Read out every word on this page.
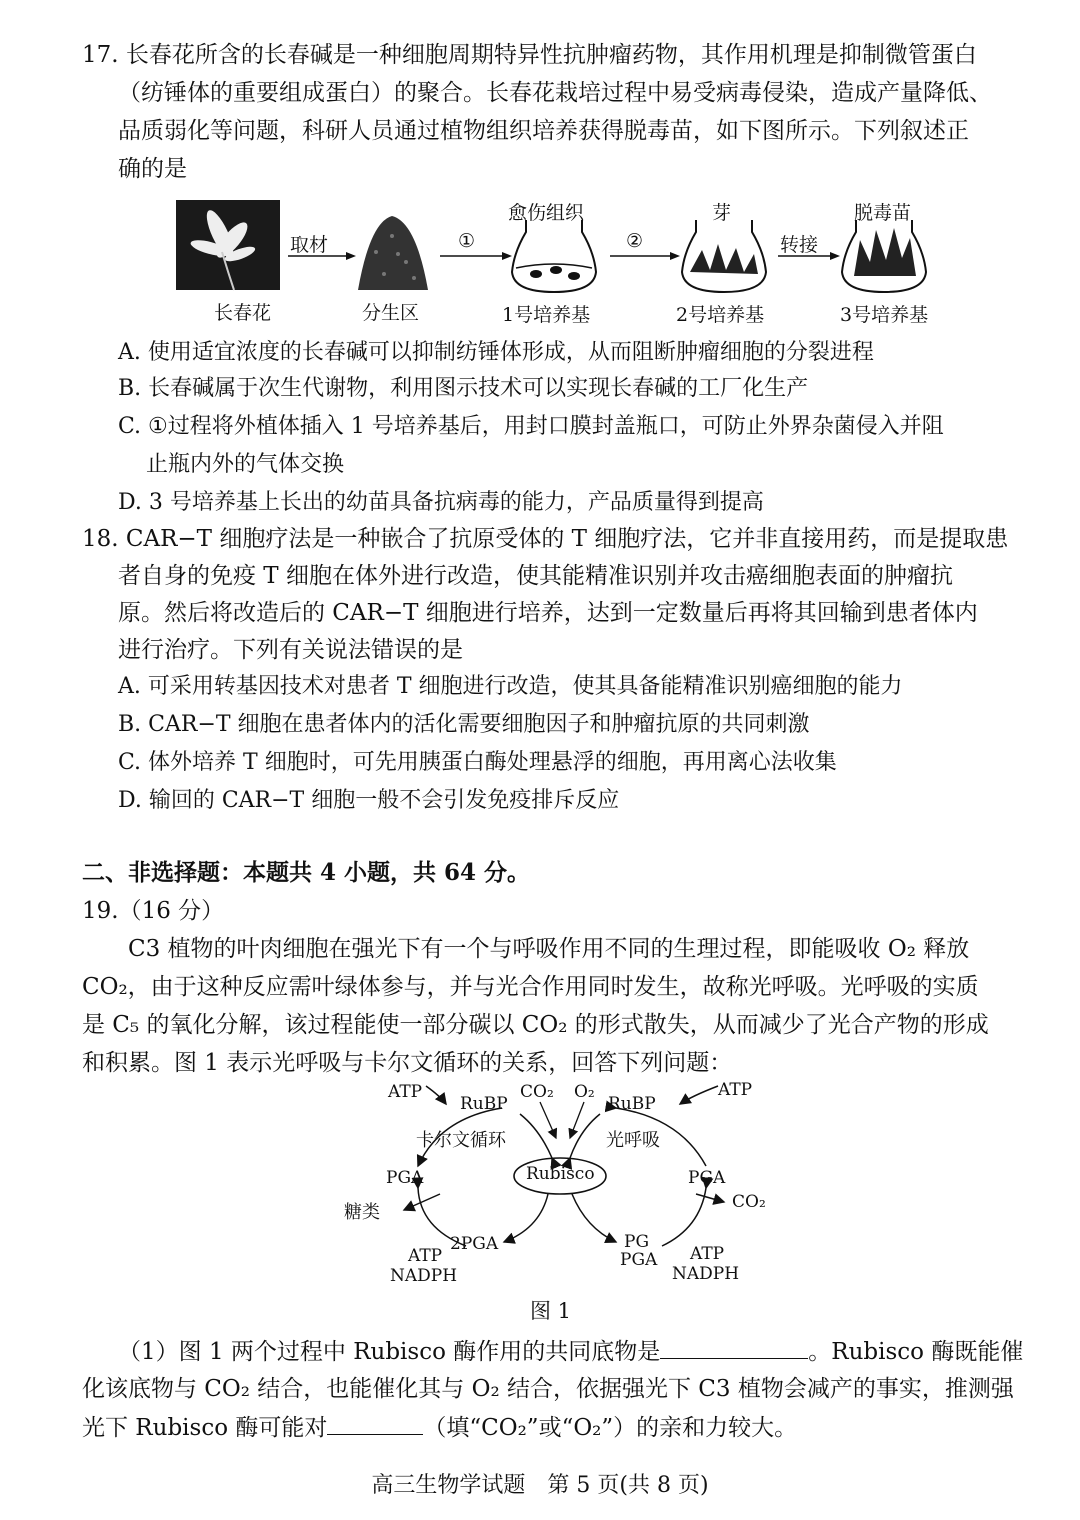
17. 长春花所含的长春碱是一种细胞周期特异性抗肿瘤药物，其作用机理是抑制微管蛋白
（纺锤体的重要组成蛋白）的聚合。长春花栽培过程中易受病毒侵染，造成产量降低、
品质弱化等问题，科研人员通过植物组织培养获得脱毒苗，如下图所示。下列叙述正
确的是
长春花	分生区	1号培养基	2号培养基	3号培养基
愈伤组织	芽	脱毒苗
取材	①	②	转接
A. 使用适宜浓度的长春碱可以抑制纺锤体形成，从而阻断肿瘤细胞的分裂进程
B. 长春碱属于次生代谢物，利用图示技术可以实现长春碱的工厂化生产
C. ①过程将外植体插入 1 号培养基后，用封口膜封盖瓶口，可防止外界杂菌侵入并阻
止瓶内外的气体交换
D. 3 号培养基上长出的幼苗具备抗病毒的能力，产品质量得到提高
18. CAR−T 细胞疗法是一种嵌合了抗原受体的 T 细胞疗法，它并非直接用药，而是提取患
者自身的免疫 T 细胞在体外进行改造，使其能精准识别并攻击癌细胞表面的肿瘤抗
原。然后将改造后的 CAR−T 细胞进行培养，达到一定数量后再将其回输到患者体内
进行治疗。下列有关说法错误的是
A. 可采用转基因技术对患者 T 细胞进行改造，使其具备能精准识别癌细胞的能力
B. CAR−T 细胞在患者体内的活化需要细胞因子和肿瘤抗原的共同刺激
C. 体外培养 T 细胞时，可先用胰蛋白酶处理悬浮的细胞，再用离心法收集
D. 输回的 CAR−T 细胞一般不会引发免疫排斥反应
二、非选择题：本题共 4 小题，共 64 分。
19.（16 分）
C3 植物的叶肉细胞在强光下有一个与呼吸作用不同的生理过程，即能吸收 O₂ 释放
CO₂，由于这种反应需叶绿体参与，并与光合作用同时发生，故称光呼吸。光呼吸的实质
是 C₅ 的氧化分解，该过程能使一部分碳以 CO₂ 的形式散失，从而减少了光合产物的形成
和积累。图 1 表示光呼吸与卡尔文循环的关系，回答下列问题：
ATP
RuBP
CO₂ O₂
RuBP
ATP
卡尔文循环	光呼吸
Rubisco
PGA	PGA
糖类	CO₂
2PGA	PG
PGA
ATP
NADPH
ATP
NADPH
图 1
（1）图 1 两个过程中 Rubisco 酶作用的共同底物是	。Rubisco 酶既能催
化该底物与 CO₂ 结合，也能催化其与 O₂ 结合，依据强光下 C3 植物会减产的事实，推测强
光下 Rubisco 酶可能对	（填“CO₂”或“O₂”）的亲和力较大。
高三生物学试题　第 5 页(共 8 页)
